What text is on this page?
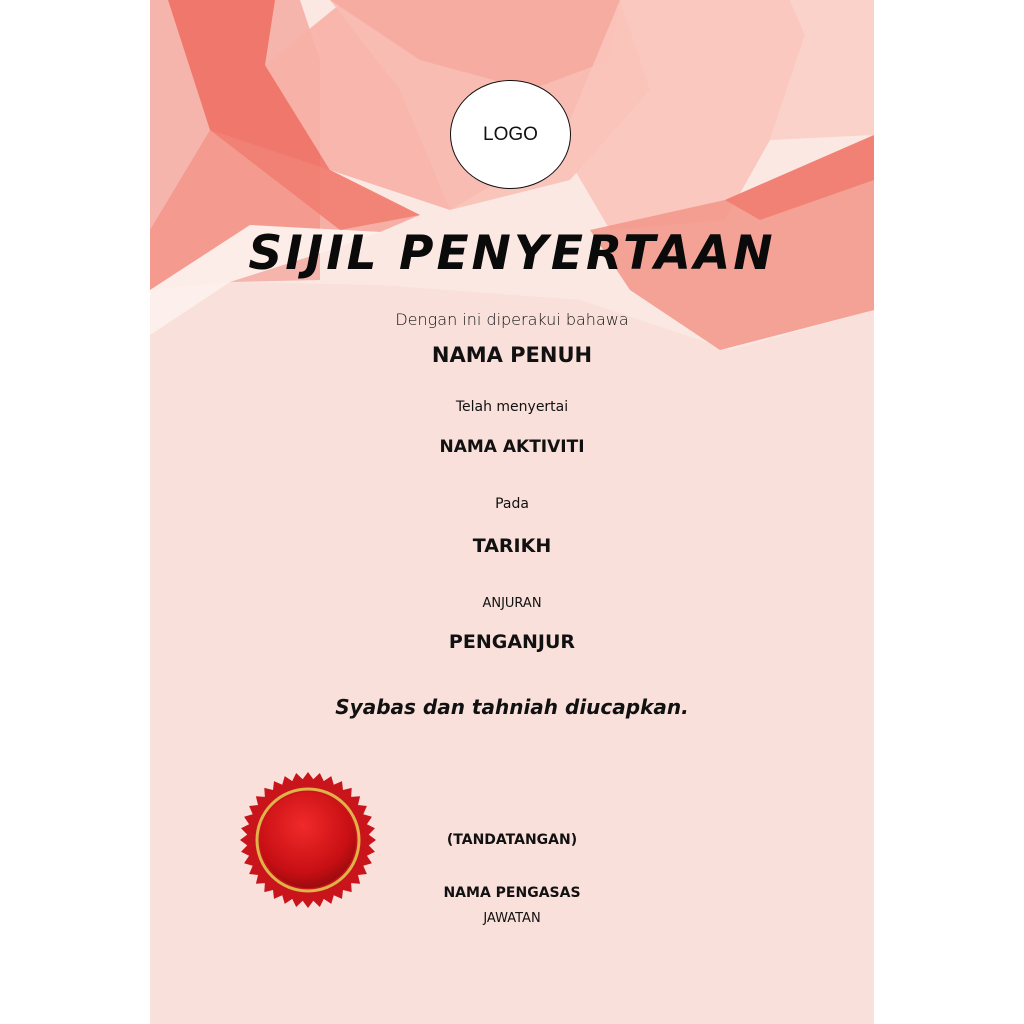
LOGO
SIJIL PENYERTAAN
Dengan ini diperakui bahawa
NAMA PENUH
Telah menyertai
NAMA AKTIVITI
Pada
TARIKH
ANJURAN
PENGANJUR
Syabas dan tahniah diucapkan.
(TANDATANGAN)
NAMA PENGASAS
JAWATAN
